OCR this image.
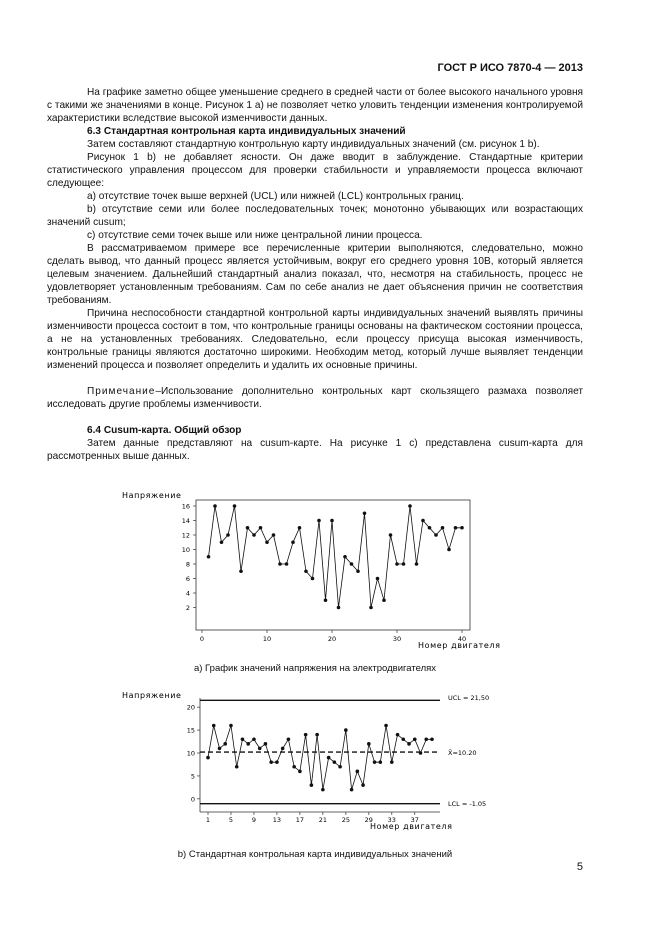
ГОСТ Р ИСО 7870-4 — 2013

На графике заметно общее уменьшение среднего в средней части от более высокого начального уровня с такими же значениями в конце. Рисунок 1 а) не позволяет четко уловить тенденции изменения контролируемой характеристики вследствие высокой изменчивости данных.

6.3 Стандартная контрольная карта индивидуальных значений

Затем составляют стандартную контрольную карту индивидуальных значений (см. рисунок 1 b).

Рисунок 1 b) не добавляет ясности. Он даже вводит в заблуждение. Стандартные критерии статистического управления процессом для проверки стабильности и управляемости процесса включают следующее:

а) отсутствие точек выше верхней (UCL) или нижней (LCL) контрольных границ.

b) отсутствие семи или более последовательных точек; монотонно убывающих или возрастающих значений cusum;

с) отсутствие семи точек выше или ниже центральной линии процесса.

В рассматриваемом примере все перечисленные критерии выполняются, следовательно, можно сделать вывод, что данный процесс является устойчивым, вокруг его среднего уровня 10В, который является целевым значением. Дальнейший стандартный анализ показал, что, несмотря на стабильность, процесс не удовлетворяет установленным требованиям. Сам по себе анализ не дает объяснения причин не соответствия требованиям.

Причина неспособности стандартной контрольной карты индивидуальных значений выявлять причины изменчивости процесса состоит в том, что контрольные границы основаны на фактическом состоянии процесса, а не на установленных требованиях. Следовательно, если процессу присуща высокая изменчивость, контрольные границы являются достаточно широкими. Необходим метод, который лучше выявляет тенденции изменений процесса и позволяет определить и удалить их основные причины.

Примечание–Использование дополнительно контрольных карт скользящего размаха позволяет исследовать другие проблемы изменчивости.

6.4 Cusum-карта. Общий обзор

Затем данные представляют на cusum-карте. На рисунке 1 с) представлена cusum-карта для рассмотренных выше данных.

Напряжение
Номер двигателя
16
14
12
10
8
6
4
2
0	10	20	30	40
а) График значений напряжения на электродвигателях
Напряжение
Номер двигателя
UCL = 21,50
X̄=10.20
LCL = -1.05
20
15
10
5
0
1	5	9	13 17 21 25 29 33 37
b) Стандартная контрольная карта индивидуальных значений
5
